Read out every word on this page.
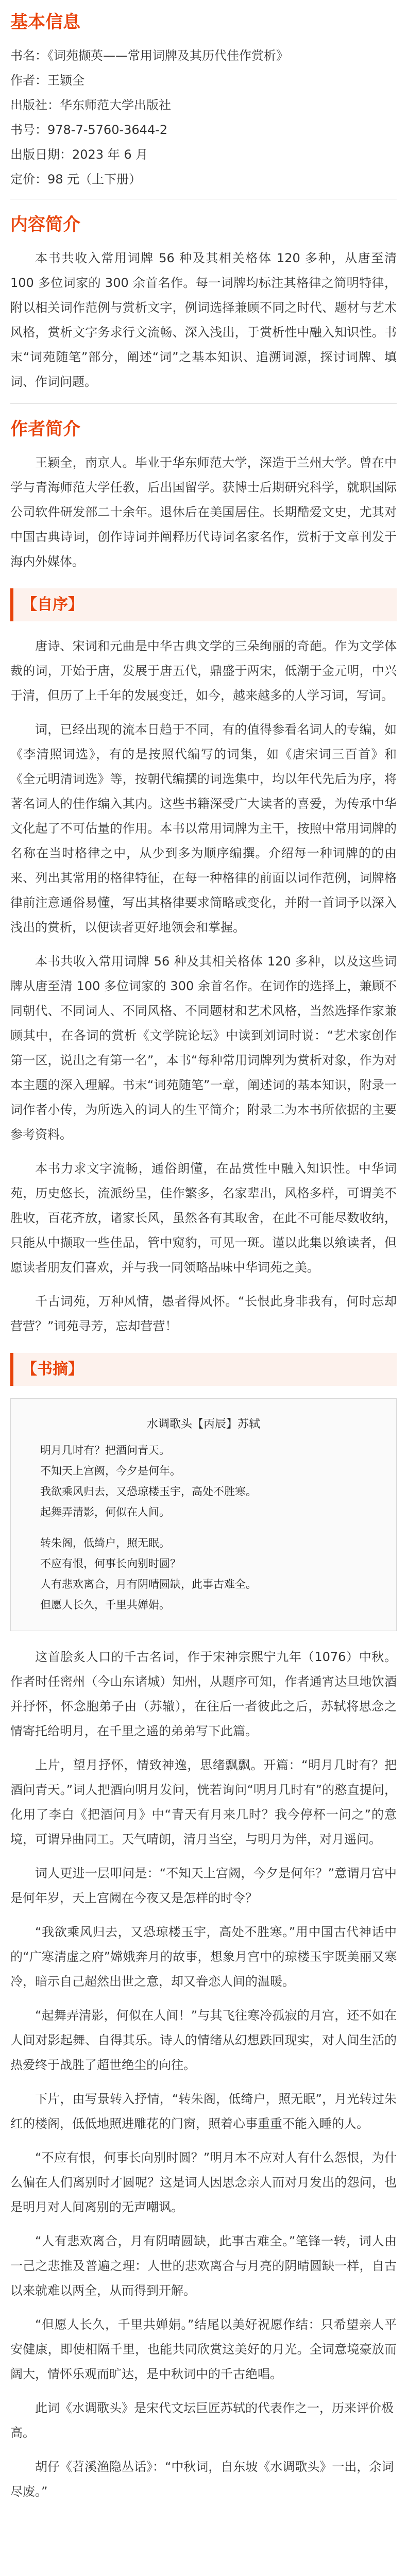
基本信息
书名：《词苑撷英——常用词牌及其历代佳作赏析》
作者：王颖全
出版社：华东师范大学出版社
书号：978-7-5760-3644-2
出版日期：2023 年 6 月
定价：98 元（上下册）
内容简介

本书共收入常用词牌 56 种及其相关格体 120 多种，从唐至清 100 多位词家的 300 余首名作。每一词牌均标注其格律之简明特律，附以相关词作范例与赏析文字，例词选择兼顾不同之时代、题材与艺术风格，赏析文字务求行文流畅、深入浅出，于赏析性中融入知识性。书末“词苑随笔”部分，阐述“词”之基本知识、追溯词源，探讨词牌、填词、作词问题。

作者简介

王颖全，南京人。毕业于华东师范大学，深造于兰州大学。曾在中学与青海师范大学任教，后出国留学。获博士后期研究科学，就职国际公司软件研发部二十余年。退休后在美国居住。长期酷爱文史，尤其对中国古典诗词，创作诗词并阐释历代诗词名家名作，赏析于文章刊发于海内外媒体。

【自序】

唐诗、宋词和元曲是中华古典文学的三朵绚丽的奇葩。作为文学体裁的词，开始于唐，发展于唐五代，鼎盛于两宋，低潮于金元明，中兴于清，但历了上千年的发展变迁，如今，越来越多的人学习词，写词。

词，已经出现的流本日趋于不同，有的值得参看名词人的专编，如《李清照词选》，有的是按照代编写的词集，如《唐宋词三百首》和《全元明清词选》等，按朝代编撰的词选集中，均以年代先后为序，将著名词人的佳作编入其内。这些书籍深受广大读者的喜爱，为传承中华文化起了不可估量的作用。本书以常用词牌为主干，按照中常用词牌的名称在当时格律之中，从少到多为顺序编撰。介绍每一种词牌的的由来、列出其常用的格律特征，在每一种格律的前面以词作范例，词牌格律前注意通俗易懂，写出其格律要求简略或变化，并附一首词予以深入浅出的赏析，以便读者更好地领会和掌握。

本书共收入常用词牌 56 种及其相关格体 120 多种，以及这些词牌从唐至清 100 多位词家的 300 余首名作。在词作的选择上，兼顾不同朝代、不同词人、不同风格、不同题材和艺术风格，当然选择作家兼顾其中，在各词的赏析《文学院论坛》中读到刘词时说：“艺术家创作第一区，说出之有第一名”，本书“每种常用词牌列为赏析对象，作为对本主题的深入理解。书末“词苑随笔”一章，阐述词的基本知识，附录一词作者小传，为所选入的词人的生平简介；附录二为本书所依据的主要参考资料。

本书力求文字流畅，通俗朗懂，在品赏性中融入知识性。中华词苑，历史悠长，流派纷呈，佳作繁多，名家辈出，风格多样，可谓美不胜收，百花齐放，诸家长风，虽然各有其取舍，在此不可能尽数收纳，只能从中撷取一些佳品，管中窥豹，可见一斑。谨以此集以飨读者，但愿读者朋友们喜欢，并与我一同领略品味中华词苑之美。

千古词苑，万种风情，愚者得风怀。“长恨此身非我有，何时忘却营营？”词苑寻芳，忘却营营！

【书摘】
水调歌头【丙辰】苏轼
明月几时有？把酒问青天。
不知天上宫阙，今夕是何年。
我欲乘风归去，又恐琼楼玉宇，高处不胜寒。
起舞弄清影，何似在人间。
转朱阁，低绮户，照无眠。
不应有恨，何事长向别时圆？
人有悲欢离合，月有阴晴圆缺，此事古难全。
但愿人长久，千里共婵娟。

这首脍炙人口的千古名词，作于宋神宗熙宁九年（1076）中秋。作者时任密州（今山东诸城）知州，从题序可知，作者通宵达旦地饮酒并抒怀，怀念胞弟子由（苏辙），在往后一者彼此之后，苏轼将思念之情寄托给明月，在千里之遥的弟弟写下此篇。

上片，望月抒怀，情致神逸，思绪飘飘。开篇：“明月几时有？把酒问青天。”词人把酒向明月发问，恍若询问“明月几时有”的憨直提问，化用了李白《把酒问月》中“青天有月来几时？我今停杯一问之”的意境，可谓异曲同工。天气晴朗，清月当空，与明月为伴，对月遥问。

词人更进一层叩问是：“不知天上宫阙，今夕是何年？”意谓月宫中是何年岁，天上宫阙在今夜又是怎样的时令？

“我欲乘风归去，又恐琼楼玉宇，高处不胜寒。”用中国古代神话中的“广寒清虚之府”嫦娥奔月的故事，想象月宫中的琼楼玉宇既美丽又寒冷，暗示自己超然出世之意，却又眷恋人间的温暖。

“起舞弄清影，何似在人间！”与其飞往寒冷孤寂的月宫，还不如在人间对影起舞、自得其乐。诗人的情绪从幻想跌回现实，对人间生活的热爱终于战胜了超世绝尘的向往。

下片，由写景转入抒情，“转朱阁，低绮户，照无眠”，月光转过朱红的楼阁，低低地照进雕花的门窗，照着心事重重不能入睡的人。

“不应有恨，何事长向别时圆？”明月本不应对人有什么怨恨，为什么偏在人们离别时才圆呢？这是词人因思念亲人而对月发出的怨问，也是明月对人间离别的无声嘲讽。

“人有悲欢离合，月有阴晴圆缺，此事古难全。”笔锋一转，词人由一己之悲推及普遍之理：人世的悲欢离合与月亮的阴晴圆缺一样，自古以来就难以两全，从而得到开解。

“但愿人长久，千里共婵娟。”结尾以美好祝愿作结：只希望亲人平安健康，即使相隔千里，也能共同欣赏这美好的月光。全词意境豪放而阔大，情怀乐观而旷达，是中秋词中的千古绝唱。

此词《水调歌头》是宋代文坛巨匠苏轼的代表作之一，历来评价极高。

胡仔《苕溪渔隐丛话》：“中秋词，自东坡《水调歌头》一出，余词尽废。”
